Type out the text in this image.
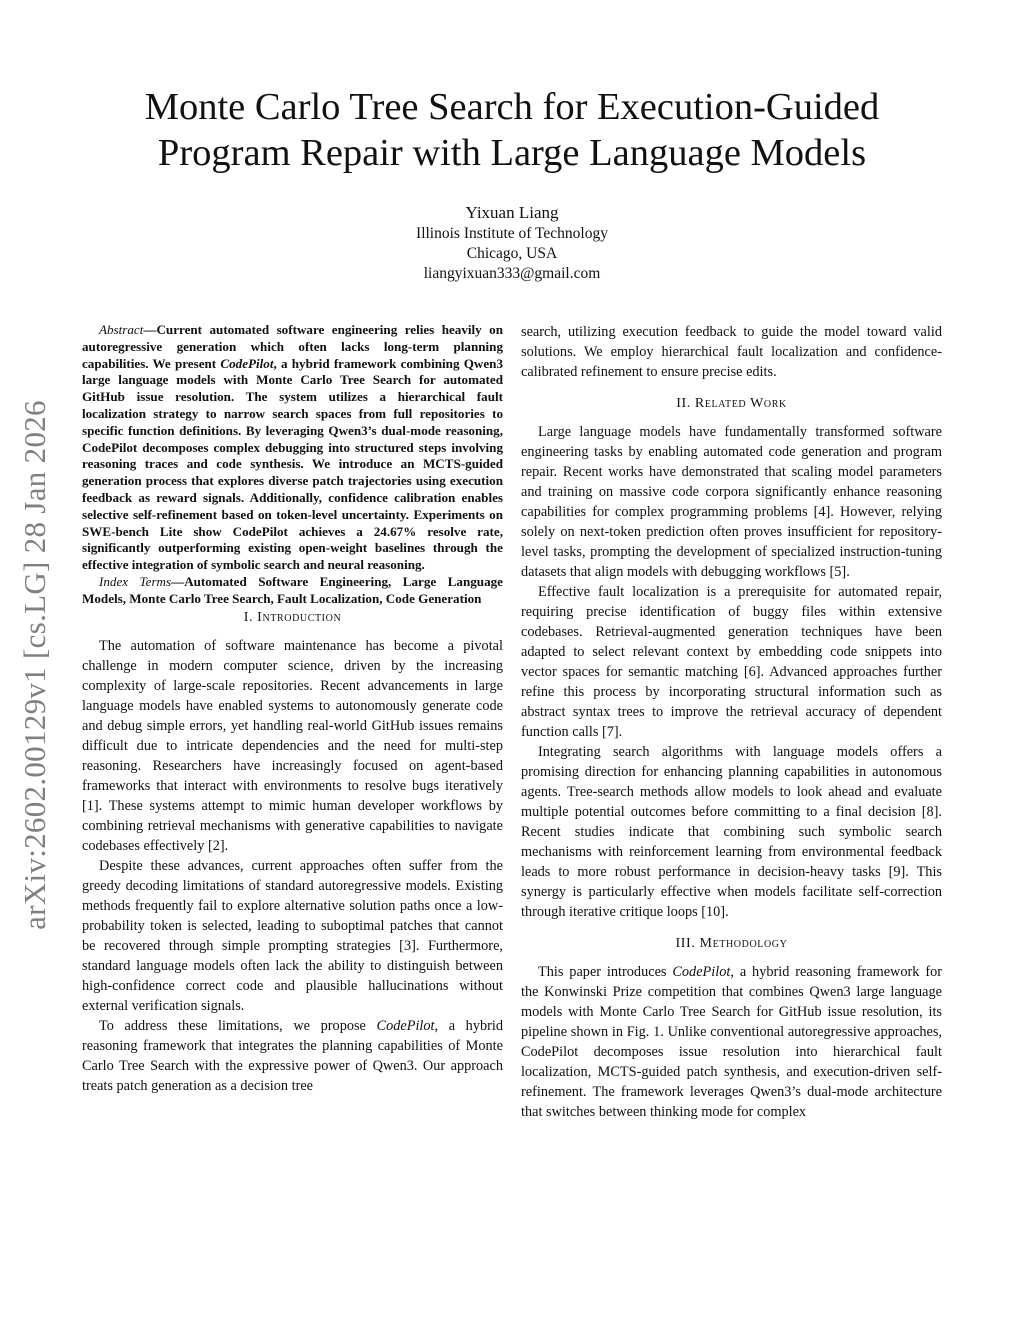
arXiv:2602.00129v1 [cs.LG] 28 Jan 2026
Monte Carlo Tree Search for Execution-Guided
Program Repair with Large Language Models
Yixuan Liang
Illinois Institute of Technology
Chicago, USA
liangyixuan333@gmail.com

Abstract—Current automated software engineering relies heavily on autoregressive generation which often lacks long-term planning capabilities. We present CodePilot, a hybrid framework combining Qwen3 large language models with Monte Carlo Tree Search for automated GitHub issue resolution. The system utilizes a hierarchical fault localization strategy to narrow search spaces from full repositories to specific function definitions. By leveraging Qwen3’s dual-mode reasoning, CodePilot decomposes complex debugging into structured steps involving reasoning traces and code synthesis. We introduce an MCTS-guided generation process that explores diverse patch trajectories using execution feedback as reward signals. Additionally, confidence calibration enables selective self-refinement based on token-level uncertainty. Experiments on SWE-bench Lite show CodePilot achieves a 24.67% resolve rate, significantly outperforming existing open-weight baselines through the effective integration of symbolic search and neural reasoning.

Index Terms—Automated Software Engineering, Large Language Models, Monte Carlo Tree Search, Fault Localization, Code Generation

I. Introduction

The automation of software maintenance has become a pivotal challenge in modern computer science, driven by the increasing complexity of large-scale repositories. Recent advancements in large language models have enabled systems to autonomously generate code and debug simple errors, yet handling real-world GitHub issues remains difficult due to intricate dependencies and the need for multi-step reasoning. Researchers have increasingly focused on agent-based frameworks that interact with environments to resolve bugs iteratively [1]. These systems attempt to mimic human developer workflows by combining retrieval mechanisms with generative capabilities to navigate codebases effectively [2].

Despite these advances, current approaches often suffer from the greedy decoding limitations of standard autoregressive models. Existing methods frequently fail to explore alternative solution paths once a low-probability token is selected, leading to suboptimal patches that cannot be recovered through simple prompting strategies [3]. Furthermore, standard language models often lack the ability to distinguish between high-confidence correct code and plausible hallucinations without external verification signals.

To address these limitations, we propose CodePilot, a hybrid reasoning framework that integrates the planning capabilities of Monte Carlo Tree Search with the expressive power of Qwen3. Our approach treats patch generation as a decision tree

search, utilizing execution feedback to guide the model toward valid solutions. We employ hierarchical fault localization and confidence-calibrated refinement to ensure precise edits.

II. Related Work

Large language models have fundamentally transformed software engineering tasks by enabling automated code generation and program repair. Recent works have demonstrated that scaling model parameters and training on massive code corpora significantly enhance reasoning capabilities for complex programming problems [4]. However, relying solely on next-token prediction often proves insufficient for repository-level tasks, prompting the development of specialized instruction-tuning datasets that align models with debugging workflows [5].

Effective fault localization is a prerequisite for automated repair, requiring precise identification of buggy files within extensive codebases. Retrieval-augmented generation techniques have been adapted to select relevant context by embedding code snippets into vector spaces for semantic matching [6]. Advanced approaches further refine this process by incorporating structural information such as abstract syntax trees to improve the retrieval accuracy of dependent function calls [7].

Integrating search algorithms with language models offers a promising direction for enhancing planning capabilities in autonomous agents. Tree-search methods allow models to look ahead and evaluate multiple potential outcomes before committing to a final decision [8]. Recent studies indicate that combining such symbolic search mechanisms with reinforcement learning from environmental feedback leads to more robust performance in decision-heavy tasks [9]. This synergy is particularly effective when models facilitate self-correction through iterative critique loops [10].

III. Methodology

This paper introduces CodePilot, a hybrid reasoning framework for the Konwinski Prize competition that combines Qwen3 large language models with Monte Carlo Tree Search for GitHub issue resolution, its pipeline shown in Fig. 1. Unlike conventional autoregressive approaches, CodePilot decomposes issue resolution into hierarchical fault localization, MCTS-guided patch synthesis, and execution-driven self-refinement. The framework leverages Qwen3’s dual-mode architecture that switches between thinking mode for complex
